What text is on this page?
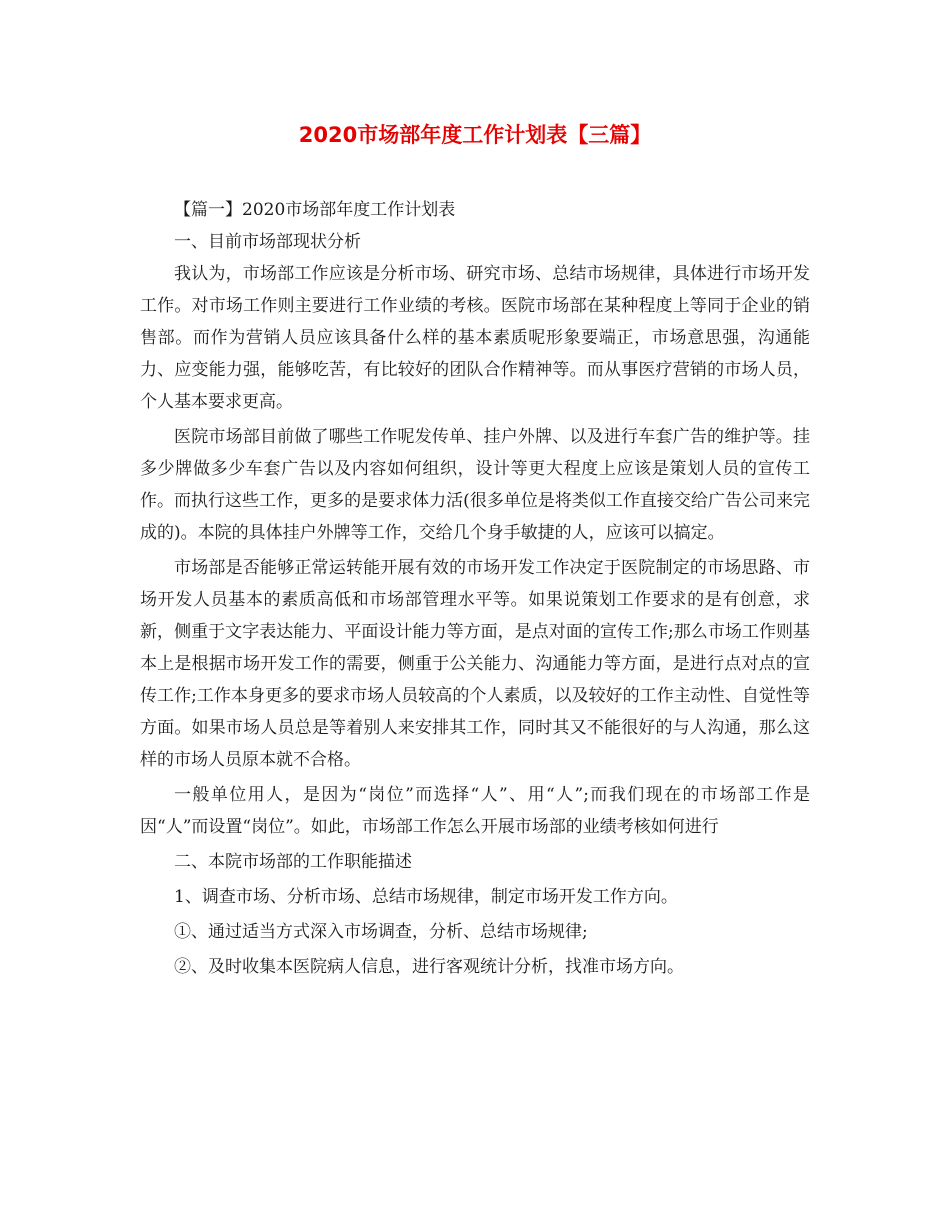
2020市场部年度工作计划表【三篇】

【篇一】2020市场部年度工作计划表

一、目前市场部现状分析

我认为，市场部工作应该是分析市场、研究市场、总结市场规律，具体进行市场开发工作。对市场工作则主要进行工作业绩的考核。医院市场部在某种程度上等同于企业的销售部。而作为营销人员应该具备什么样的基本素质呢形象要端正，市场意思强，沟通能力、应变能力强，能够吃苦，有比较好的团队合作精神等。而从事医疗营销的市场人员，个人基本要求更高。

医院市场部目前做了哪些工作呢发传单、挂户外牌、以及进行车套广告的维护等。挂多少牌做多少车套广告以及内容如何组织，设计等更大程度上应该是策划人员的宣传工作。而执行这些工作，更多的是要求体力活(很多单位是将类似工作直接交给广告公司来完成的)。本院的具体挂户外牌等工作，交给几个身手敏捷的人，应该可以搞定。

市场部是否能够正常运转能开展有效的市场开发工作决定于医院制定的市场思路、市场开发人员基本的素质高低和市场部管理水平等。如果说策划工作要求的是有创意，求新，侧重于文字表达能力、平面设计能力等方面，是点对面的宣传工作;那么市场工作则基本上是根据市场开发工作的需要，侧重于公关能力、沟通能力等方面，是进行点对点的宣传工作;工作本身更多的要求市场人员较高的个人素质，以及较好的工作主动性、自觉性等方面。如果市场人员总是等着别人来安排其工作，同时其又不能很好的与人沟通，那么这样的市场人员原本就不合格。

一般单位用人，是因为“岗位”而选择“人”、用“人”;而我们现在的市场部工作是因“人”而设置“岗位”。如此，市场部工作怎么开展市场部的业绩考核如何进行

二、本院市场部的工作职能描述

1、调查市场、分析市场、总结市场规律，制定市场开发工作方向。

①、通过适当方式深入市场调查，分析、总结市场规律;

②、及时收集本医院病人信息，进行客观统计分析，找准市场方向。
